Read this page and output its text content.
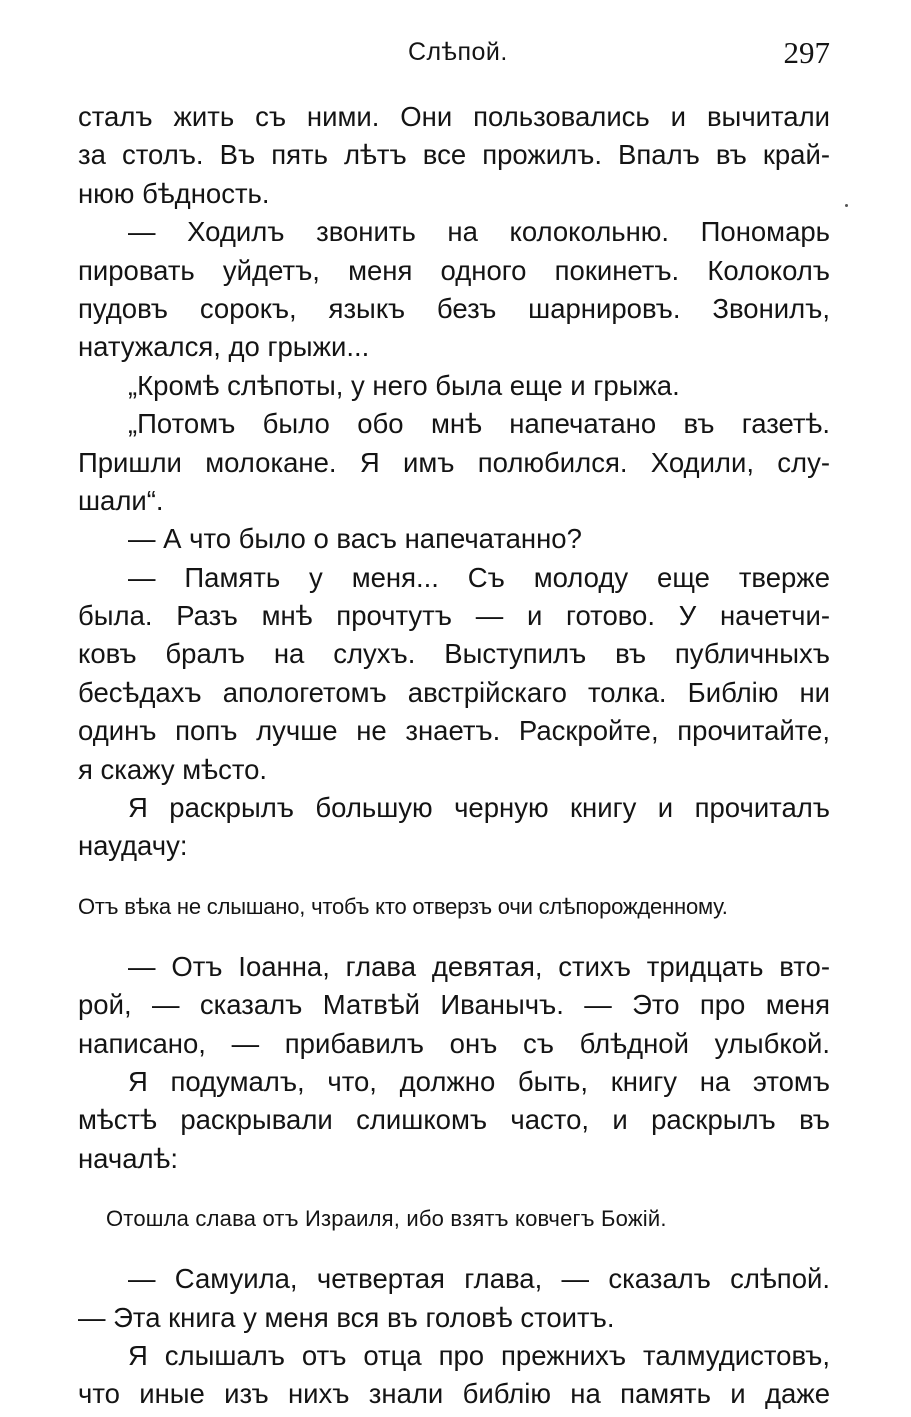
Слѣпой.	297
сталъ жить съ ними. Они пользовались и вычитали
за столъ. Въ пять лѣтъ все прожилъ. Впалъ въ край-
нюю бѣдность.
— Ходилъ звонить на колокольню. Пономарь
пировать уйдетъ, меня одного покинетъ. Колоколъ
пудовъ сорокъ, языкъ безъ шарнировъ. Звонилъ,
натужался, до грыжи...
„Кромѣ слѣпоты, у него была еще и грыжа.
„Потомъ было обо мнѣ напечатано въ газетѣ.
Пришли молокане. Я имъ полюбился. Ходили, слу-
шали“.
— А что было о васъ напечатанно?
— Память у меня... Съ молоду еще тверже
была. Разъ мнѣ прочтутъ — и готово. У начетчи-
ковъ бралъ на слухъ. Выступилъ въ публичныхъ
бесѣдахъ апологетомъ австрійскаго толка. Библію ни
одинъ попъ лучше не знаетъ. Раскройте, прочитайте,
я скажу мѣсто.
Я раскрылъ большую черную книгу и прочиталъ
наудачу:
Отъ вѣка не слышано, чтобъ кто отверзъ очи слѣпорожденному.
— Отъ Іоанна, глава девятая, стихъ тридцать вто-
рой, — сказалъ Матвѣй Иванычъ. — Это про меня
написано, — прибавилъ онъ съ блѣдной улыбкой.
Я подумалъ, что, должно быть, книгу на этомъ
мѣстѣ раскрывали слишкомъ часто, и раскрылъ въ
началѣ:
Отошла слава отъ Израиля, ибо взятъ ковчегъ Божій.
— Самуила, четвертая глава, — сказалъ слѣпой.
— Эта книга у меня вся въ головѣ стоитъ.
Я слышалъ отъ отца про прежнихъ талмудистовъ,
что иные изъ нихъ знали библію на память и даже
